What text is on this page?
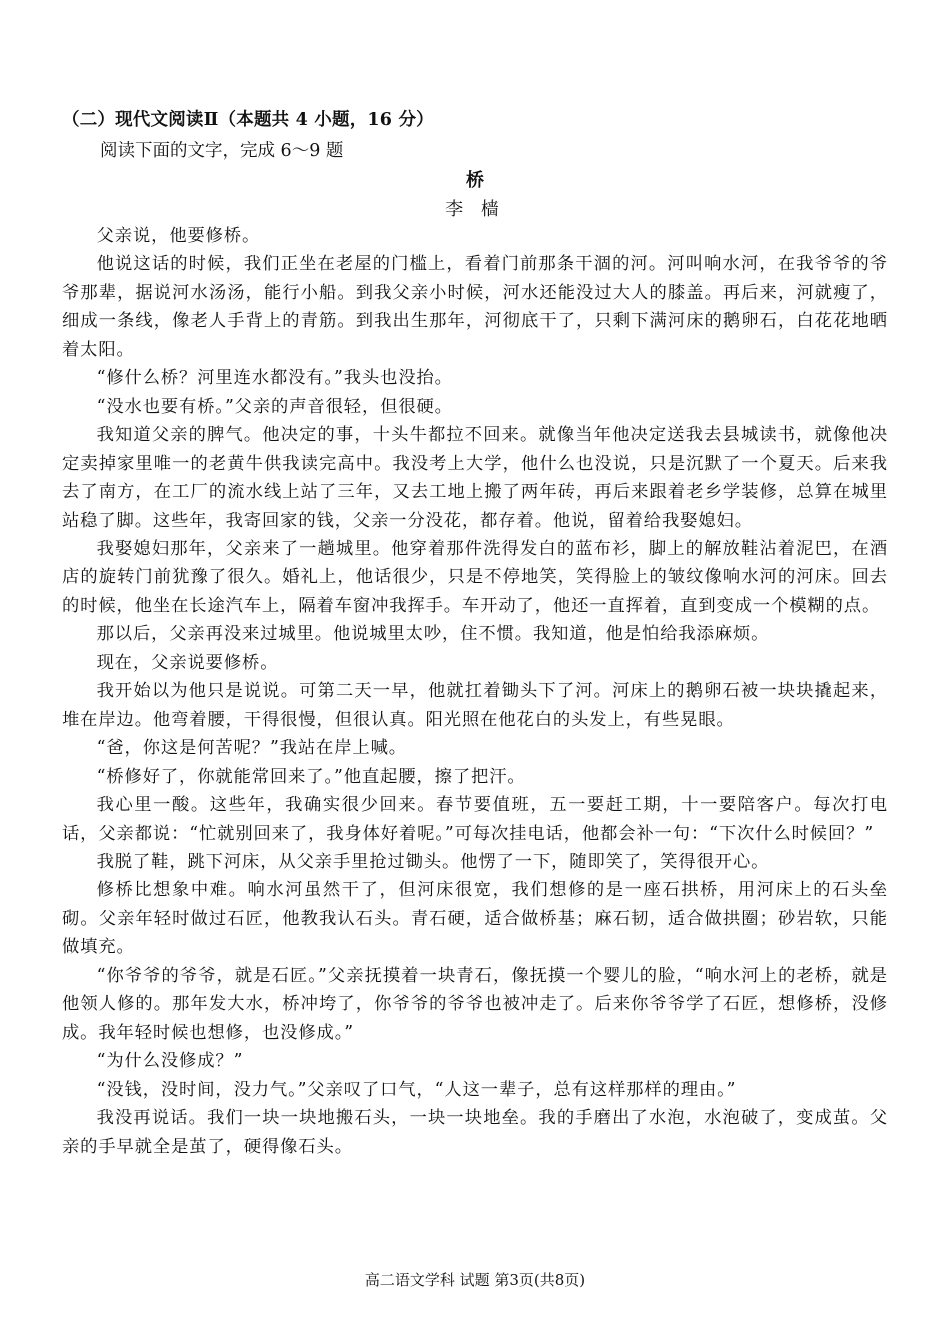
（二）现代文阅读Ⅱ（本题共 4 小题，16 分）
阅读下面的文字，完成 6～9 题
桥
李 樯

父亲说，他要修桥。

他说这话的时候，我们正坐在老屋的门槛上，看着门前那条干涸的河。河叫响水河，在我爷爷的爷爷那辈，据说河水汤汤，能行小船。到我父亲小时候，河水还能没过大人的膝盖。再后来，河就瘦了，细成一条线，像老人手背上的青筋。到我出生那年，河彻底干了，只剩下满河床的鹅卵石，白花花地晒着太阳。

“修什么桥？河里连水都没有。”我头也没抬。

“没水也要有桥。”父亲的声音很轻，但很硬。

我知道父亲的脾气。他决定的事，十头牛都拉不回来。就像当年他决定送我去县城读书，就像他决定卖掉家里唯一的老黄牛供我读完高中。我没考上大学，他什么也没说，只是沉默了一个夏天。后来我去了南方，在工厂的流水线上站了三年，又去工地上搬了两年砖，再后来跟着老乡学装修，总算在城里站稳了脚。这些年，我寄回家的钱，父亲一分没花，都存着。他说，留着给我娶媳妇。

我娶媳妇那年，父亲来了一趟城里。他穿着那件洗得发白的蓝布衫，脚上的解放鞋沾着泥巴，在酒店的旋转门前犹豫了很久。婚礼上，他话很少，只是不停地笑，笑得脸上的皱纹像响水河的河床。回去的时候，他坐在长途汽车上，隔着车窗冲我挥手。车开动了，他还一直挥着，直到变成一个模糊的点。

那以后，父亲再没来过城里。他说城里太吵，住不惯。我知道，他是怕给我添麻烦。

现在，父亲说要修桥。

我开始以为他只是说说。可第二天一早，他就扛着锄头下了河。河床上的鹅卵石被一块块撬起来，堆在岸边。他弯着腰，干得很慢，但很认真。阳光照在他花白的头发上，有些晃眼。

“爸，你这是何苦呢？”我站在岸上喊。

“桥修好了，你就能常回来了。”他直起腰，擦了把汗。

我心里一酸。这些年，我确实很少回来。春节要值班，五一要赶工期，十一要陪客户。每次打电话，父亲都说：“忙就别回来了，我身体好着呢。”可每次挂电话，他都会补一句：“下次什么时候回？”

我脱了鞋，跳下河床，从父亲手里抢过锄头。他愣了一下，随即笑了，笑得很开心。

修桥比想象中难。响水河虽然干了，但河床很宽，我们想修的是一座石拱桥，用河床上的石头垒砌。父亲年轻时做过石匠，他教我认石头。青石硬，适合做桥基；麻石韧，适合做拱圈；砂岩软，只能做填充。

“你爷爷的爷爷，就是石匠。”父亲抚摸着一块青石，像抚摸一个婴儿的脸，“响水河上的老桥，就是他领人修的。那年发大水，桥冲垮了，你爷爷的爷爷也被冲走了。后来你爷爷学了石匠，想修桥，没修成。我年轻时候也想修，也没修成。”

“为什么没修成？”

“没钱，没时间，没力气。”父亲叹了口气，“人这一辈子，总有这样那样的理由。”

我没再说话。我们一块一块地搬石头，一块一块地垒。我的手磨出了水泡，水泡破了，变成茧。父亲的手早就全是茧了，硬得像石头。

高二语文学科 试题 第3页(共8页)
